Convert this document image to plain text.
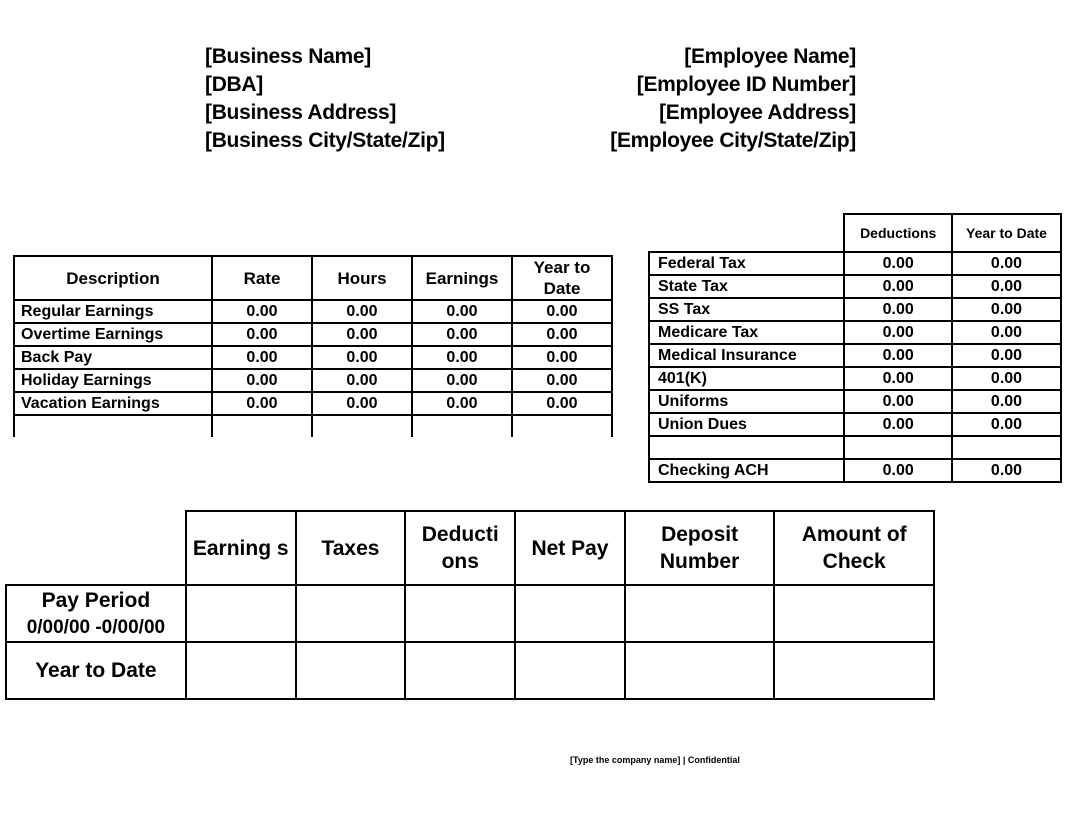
[Business Name]
[DBA]
[Business Address]
[Business City/State/Zip]
[Employee Name]
[Employee ID Number]
[Employee Address]
[Employee City/State/Zip]
Description	Rate	Hours	Earnings	Year to Date
Regular Earnings	0.00	0.00	0.00	0.00
Overtime Earnings	0.00	0.00	0.00	0.00
Back Pay	0.00	0.00	0.00	0.00
Holiday Earnings	0.00	0.00	0.00	0.00
Vacation Earnings	0.00	0.00	0.00	0.00

	Deductions	Year to Date
Federal Tax	0.00	0.00
State Tax	0.00	0.00
SS Tax	0.00	0.00
Medicare Tax	0.00	0.00
Medical Insurance	0.00	0.00
401(K)	0.00	0.00
Uniforms	0.00	0.00
Union Dues	0.00	0.00

Checking ACH	0.00	0.00
	Earning s	Taxes	Deducti ons	Net Pay	Deposit Number	Amount of Check

Pay Period
0/00/00 -0/00/00						

Year to Date						

[Type the company name] | Confidential
